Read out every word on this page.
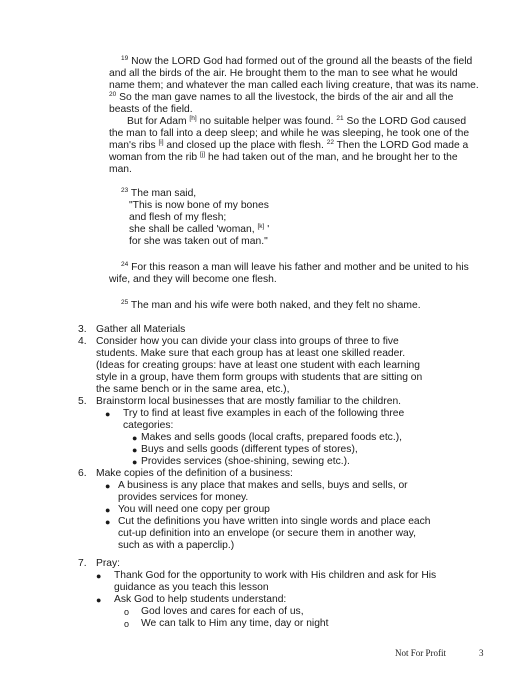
$^{19}$ Now the LORD God had formed out of the ground all the beasts of the field
and all the birds of the air. He brought them to the man to see what he would
name them; and whatever the man called each living creature, that was its name.
$^{20}$ So the man gave names to all the livestock, the birds of the air and all the
beasts of the field.
But for Adam [h] no suitable helper was found. $^{21}$ So the LORD God caused
the man to fall into a deep sleep; and while he was sleeping, he took one of the
man's ribs [i] and closed up the place with flesh. $^{22}$ Then the LORD God made a
woman from the rib [j] he had taken out of the man, and he brought her to the
man.
$^{23}$ The man said,
"This is now bone of my bones
and flesh of my flesh;
she shall be called 'woman, [k] '
for she was taken out of man."
$^{24}$ For this reason a man will leave his father and mother and be united to his
wife, and they will become one flesh.
$^{25}$ The man and his wife were both naked, and they felt no shame.
3. Gather all Materials
4. Consider how you can divide your class into groups of three to five
students. Make sure that each group has at least one skilled reader.
(Ideas for creating groups: have at least one student with each learning
style in a group, have them form groups with students that are sitting on
the same bench or in the same area, etc.),
5. Brainstorm local businesses that are mostly familiar to the children.
● Try to find at least five examples in each of the following three
categories:
● Makes and sells goods (local crafts, prepared foods etc.),
● Buys and sells goods (different types of stores),
● Provides services (shoe-shining, sewing etc.).
6. Make copies of the definition of a business:
● A business is any place that makes and sells, buys and sells, or
provides services for money.
● You will need one copy per group
● Cut the definitions you have written into single words and place each
cut-up definition into an envelope (or secure them in another way,
such as with a paperclip.)
7. Pray:
● Thank God for the opportunity to work with His children and ask for His
guidance as you teach this lesson
● Ask God to help students understand:
o God loves and cares for each of us,
o We can talk to Him any time, day or night
Not For Profit	3
